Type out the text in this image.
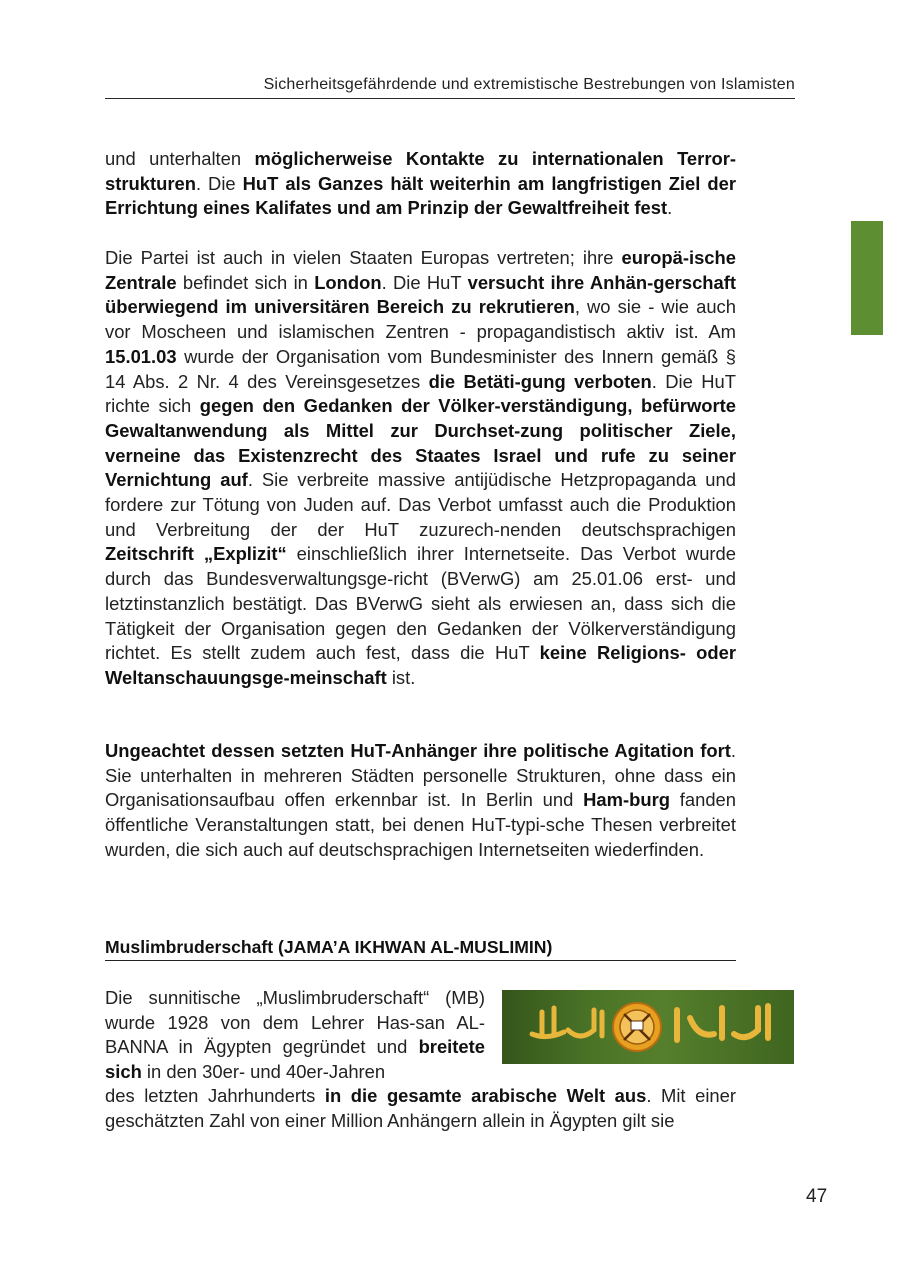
Sicherheitsgefährdende und extremistische Bestrebungen von Islamisten

und unterhalten möglicherweise Kontakte zu internationalen Terror-strukturen. Die HuT als Ganzes hält weiterhin am langfristigen Ziel der Errichtung eines Kalifates und am Prinzip der Gewaltfreiheit fest.

Die Partei ist auch in vielen Staaten Europas vertreten; ihre europä-ische Zentrale befindet sich in London. Die HuT versucht ihre Anhän-gerschaft überwiegend im universitären Bereich zu rekrutieren, wo sie - wie auch vor Moscheen und islamischen Zentren - propagandistisch aktiv ist. Am 15.01.03 wurde der Organisation vom Bundesminister des Innern gemäß § 14 Abs. 2 Nr. 4 des Vereinsgesetzes die Betäti-gung verboten. Die HuT richte sich gegen den Gedanken der Völker-verständigung, befürworte Gewaltanwendung als Mittel zur Durchset-zung politischer Ziele, verneine das Existenzrecht des Staates Israel und rufe zu seiner Vernichtung auf. Sie verbreite massive antijüdische Hetzpropaganda und fordere zur Tötung von Juden auf. Das Verbot umfasst auch die Produktion und Verbreitung der der HuT zuzurech-nenden deutschsprachigen Zeitschrift „Explizit“ einschließlich ihrer Internetseite. Das Verbot wurde durch das Bundesverwaltungsge-richt (BVerwG) am 25.01.06 erst- und letztinstanzlich bestätigt. Das BVerwG sieht als erwiesen an, dass sich die Tätigkeit der Organisation gegen den Gedanken der Völkerverständigung richtet. Es stellt zudem auch fest, dass die HuT keine Religions- oder Weltanschauungsge-meinschaft ist.

Ungeachtet dessen setzten HuT-Anhänger ihre politische Agitation fort. Sie unterhalten in mehreren Städten personelle Strukturen, ohne dass ein Organisationsaufbau offen erkennbar ist. In Berlin und Ham-burg fanden öffentliche Veranstaltungen statt, bei denen HuT-typi-sche Thesen verbreitet wurden, die sich auch auf deutschsprachigen Internetseiten wiederfinden.

Muslimbruderschaft (JAMA’A IKHWAN AL-MUSLIMIN)

Die sunnitische „Muslimbruderschaft“ (MB) wurde 1928 von dem Lehrer Has-san AL-BANNA in Ägypten gegründet und breitete sich in den 30er- und 40er-Jahren

des letzten Jahrhunderts in die gesamte arabische Welt aus. Mit einer geschätzten Zahl von einer Million Anhängern allein in Ägypten gilt sie

47
